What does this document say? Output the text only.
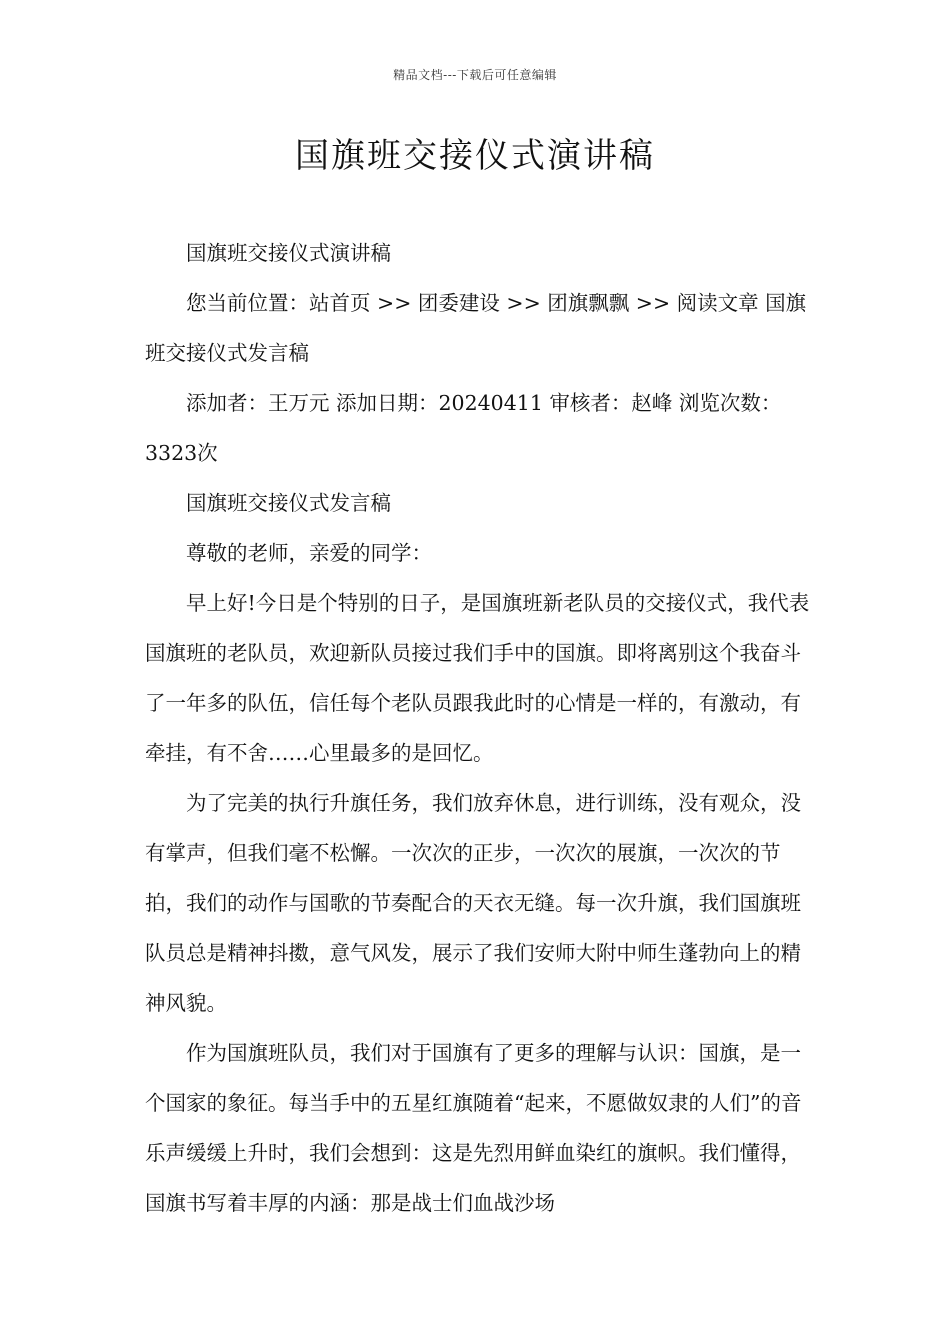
精品文档---下载后可任意编辑
国旗班交接仪式演讲稿

国旗班交接仪式演讲稿

您当前位置：站首页 >> 团委建设 >> 团旗飘飘 >> 阅读文章 国旗班交接仪式发言稿

添加者：王万元 添加日期：20240411 审核者：赵峰 浏览次数：3323次

国旗班交接仪式发言稿

尊敬的老师，亲爱的同学：

早上好!今日是个特别的日子，是国旗班新老队员的交接仪式，我代表国旗班的老队员，欢迎新队员接过我们手中的国旗。即将离别这个我奋斗了一年多的队伍，信任每个老队员跟我此时的心情是一样的，有激动，有牵挂，有不舍……心里最多的是回忆。

为了完美的执行升旗任务，我们放弃休息，进行训练，没有观众，没有掌声，但我们毫不松懈。一次次的正步，一次次的展旗，一次次的节拍，我们的动作与国歌的节奏配合的天衣无缝。每一次升旗，我们国旗班队员总是精神抖擞，意气风发，展示了我们安师大附中师生蓬勃向上的精神风貌。

作为国旗班队员，我们对于国旗有了更多的理解与认识：国旗，是一个国家的象征。每当手中的五星红旗随着“起来，不愿做奴隶的人们”的音乐声缓缓上升时，我们会想到：这是先烈用鲜血染红的旗帜。我们懂得，国旗书写着丰厚的内涵：那是战士们血战沙场
